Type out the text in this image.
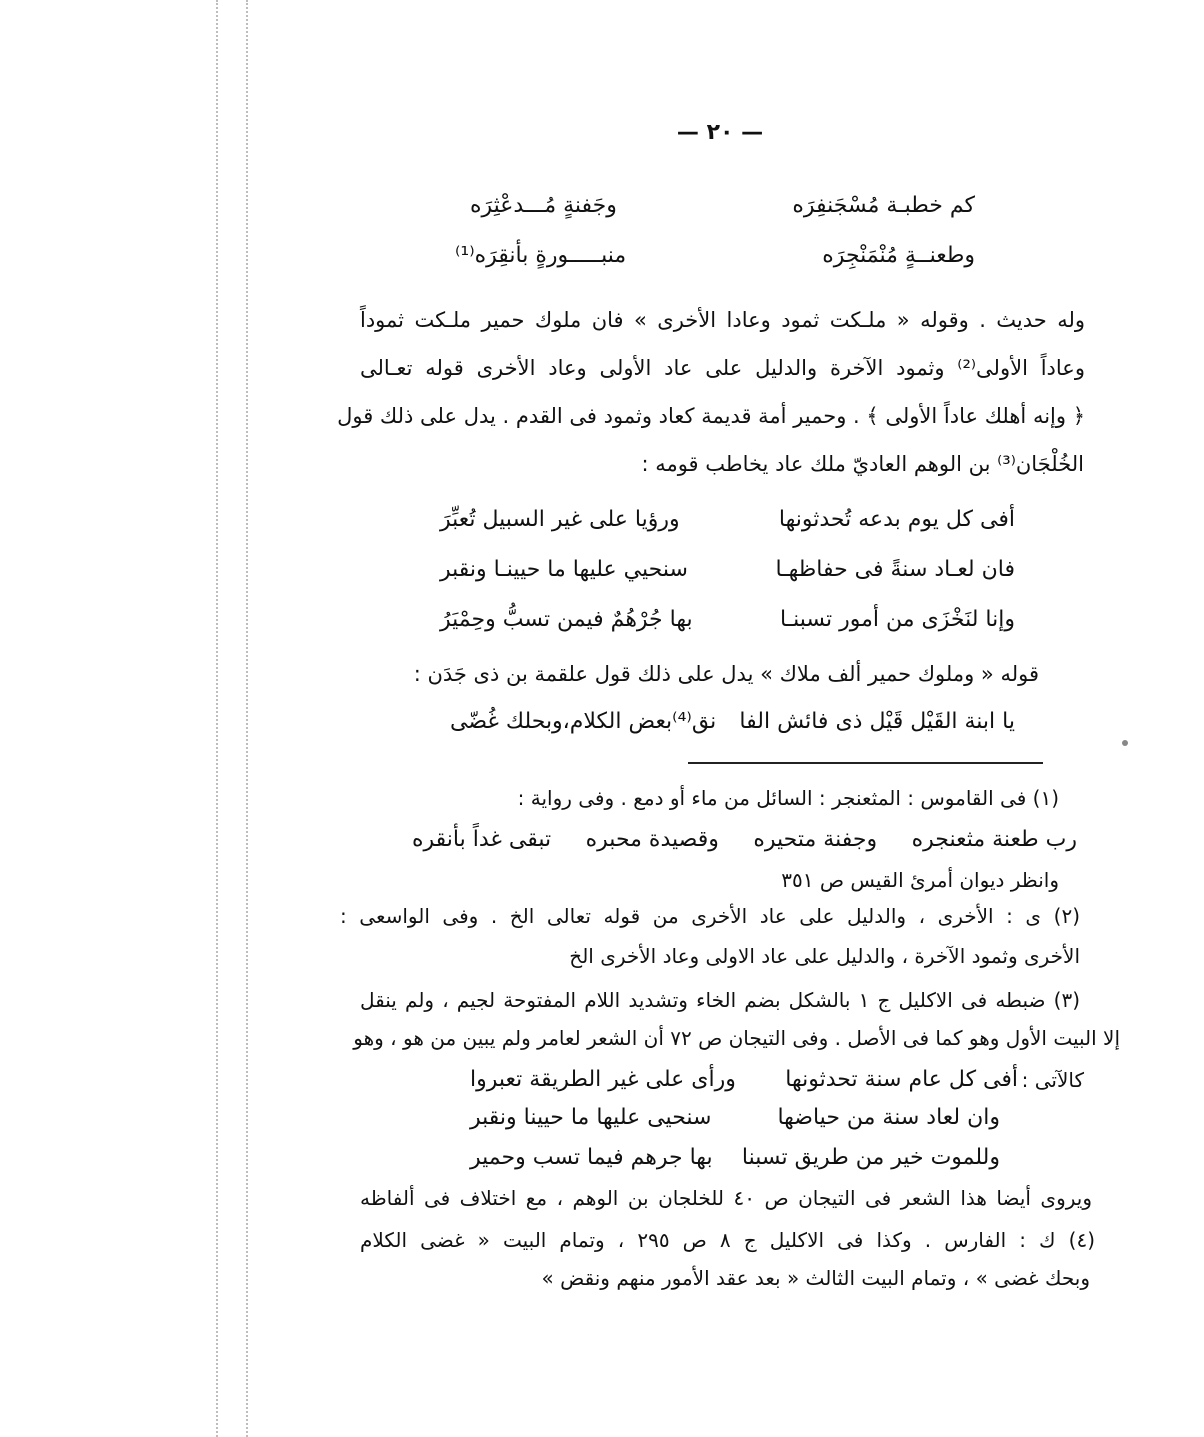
— ٢٠ —
كم خطبـة مُسْجَنفِرَه
وجَفنةٍ مُـــدعْثِرَه
وطعنــةٍ مُنْمَنْجِرَه
منبـــــورةٍ بأنقِرَه⁽¹⁾
وله حديث . وقوله « ملـكت ثمود وعادا الأخرى » فان ملوك حمير ملـكت ثموداً
وعاداً الأولى⁽²⁾ وثمود الآخرة والدليل على عاد الأولى وعاد الأخرى قوله تعـالى
﴿ وإنه أهلك عاداً الأولى ﴾ . وحمير أمة قديمة كعاد وثمود فى القدم . يدل على ذلك قول
الخُلْجَان⁽³⁾ بن الوهم العاديّ ملك عاد يخاطب قومه :
أفى كل يوم بدعه تُحدثونها
ورؤيا على غير السبيل تُعبِّرَ
فان لعـاد سنةً فى حفاظهـا
سنحيي عليها ما حيينـا ونقبر
وإنا لنَخْزَى من أمور تسبنـا
بها جُرْهُمٌ فيمن تسبُّ وحِمْيَرُ
قوله « وملوك حمير ألف ملاك » يدل على ذلك قول علقمة بن ذى جَدَن :
يا ابنة القَيْل قَيْل ذى فائش الفا
نق⁽⁴⁾بعض الكلام،وبحلك غُضّى
(١) فى القاموس : المثعنجر : السائل من ماء أو دمع . وفى رواية :
رب طعنة مثعنجره
وجفنة متحيره
وقصيدة محبره
تبقى غداً بأنقره
وانظر ديوان أمرئ القيس ص ٣٥١
(٢) ى : الأخرى ، والدليل على عاد الأخرى من قوله تعالى الخ . وفى الواسعى :
الأخرى وثمود الآخرة ، والدليل على عاد الاولى وعاد الأخرى الخ
(٣) ضبطه فى الاكليل ج ١ بالشكل بضم الخاء وتشديد اللام المفتوحة لجيم ، ولم ينقل
إلا البيت الأول وهو كما فى الأصل . وفى التيجان ص ٧٢ أن الشعر لعامر ولم يبين من هو ، وهو
كالآتى :
أفى كل عام سنة تحدثونها
ورأى على غير الطريقة تعبروا
وان لعاد سنة من حياضها
سنحيى عليها ما حيينا ونقبر
وللموت خير من طريق تسبنا
بها جرهم فيما تسب وحمير
ويروى أيضا هذا الشعر فى التيجان ص ٤٠ للخلجان بن الوهم ، مع اختلاف فى ألفاظه
(٤) ك : الفارس . وكذا فى الاكليل ج ٨ ص ٢٩٥ ، وتمام البيت « غضى الكلام
وبحك غضى » ، وتمام البيت الثالث « بعد عقد الأمور منهم ونقض »
